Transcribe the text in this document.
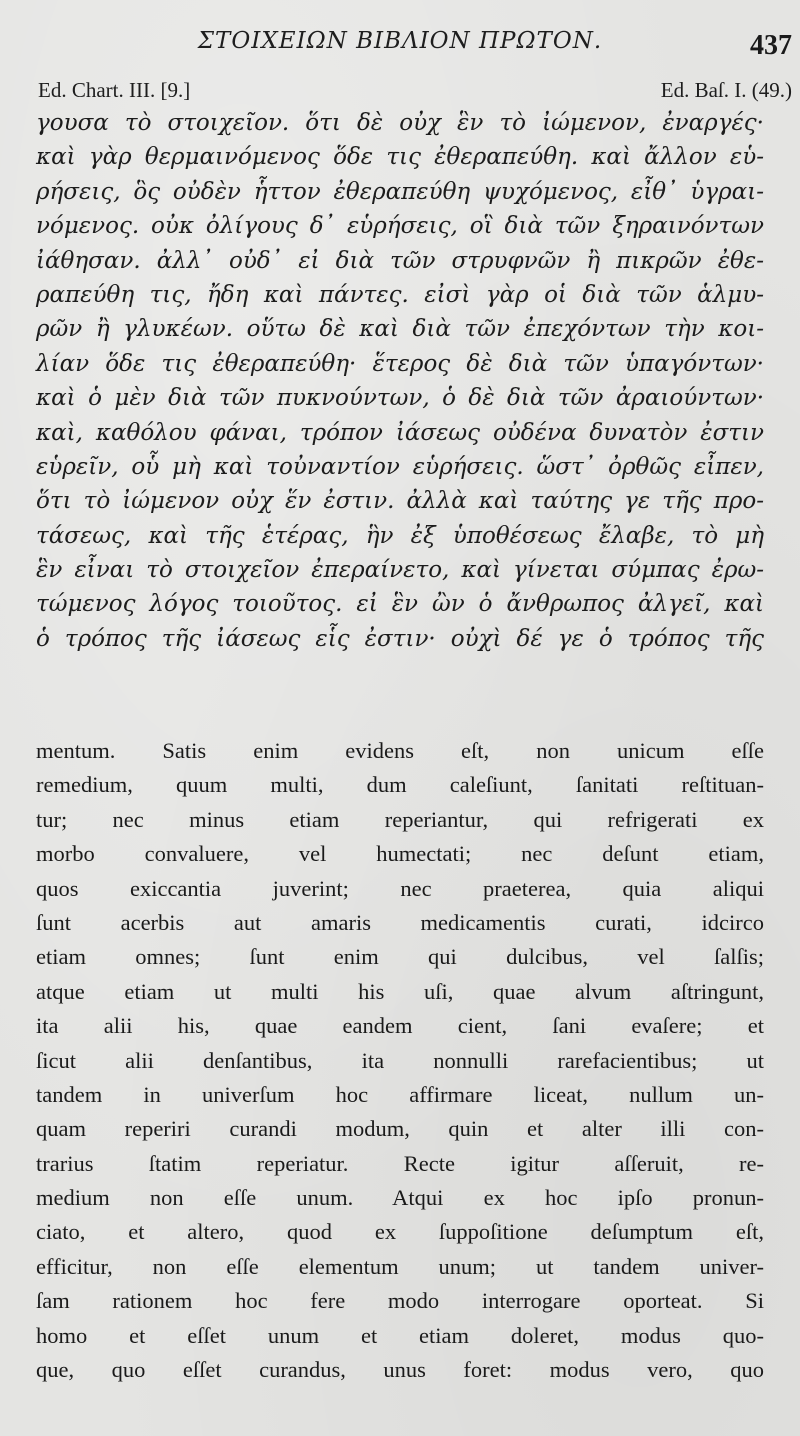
ΣΤΟΙΧΕΙΩΝ ΒΙΒΛΙΟΝ ΠΡΩΤΟΝ.	437
Ed. Chart. III. [9.]	Ed. Baſ. I. (49.)
γουσα τὸ στοιχεῖον. ὅτι δὲ οὐχ ἓν τὸ ἰώμενον, ἐναργές·
καὶ γὰρ θερμαινόμενος ὅδε τις ἐθεραπεύθη. καὶ ἄλλον εὑ-
ρήσεις, ὃς οὐδὲν ἧττον ἐθεραπεύθη ψυχόμενος, εἶθ᾽ ὑγραι-
νόμενος. οὐκ ὀλίγους δ᾽ εὑρήσεις, οἳ διὰ τῶν ξηραινόντων
ἰάθησαν. ἀλλ᾽ οὐδ᾽ εἰ διὰ τῶν στρυφνῶν ἢ πικρῶν ἐθε-
ραπεύθη τις, ἤδη καὶ πάντες. εἰσὶ γὰρ οἱ διὰ τῶν ἁλμυ-
ρῶν ἢ γλυκέων. οὕτω δὲ καὶ διὰ τῶν ἐπεχόντων τὴν κοι-
λίαν ὅδε τις ἐθεραπεύθη· ἕτερος δὲ διὰ τῶν ὑπαγόντων·
καὶ ὁ μὲν διὰ τῶν πυκνούντων, ὁ δὲ διὰ τῶν ἀραιούντων·
καὶ, καθόλου φάναι, τρόπον ἰάσεως οὐδένα δυνατὸν ἐστιν
εὑρεῖν, οὗ μὴ καὶ τοὐναντίον εὑρήσεις. ὥστ᾽ ὀρθῶς εἶπεν,
ὅτι τὸ ἰώμενον οὐχ ἕν ἐστιν. ἀλλὰ καὶ ταύτης γε τῆς προ-
τάσεως, καὶ τῆς ἑτέρας, ἣν ἐξ ὑποθέσεως ἔλαβε, τὸ μὴ
ἓν εἶναι τὸ στοιχεῖον ἐπεραίνετο, καὶ γίνεται σύμπας ἐρω-
τώμενος λόγος τοιοῦτος. εἰ ἓν ὢν ὁ ἄνθρωπος ἀλγεῖ, καὶ
ὁ τρόπος τῆς ἰάσεως εἷς ἐστιν· οὐχὶ δέ γε ὁ τρόπος τῆς
mentum. Satis enim evidens eſt, non unicum eſſe
remedium, quum multi, dum caleſiunt, ſanitati reſtituan-
tur; nec minus etiam reperiantur, qui refrigerati ex
morbo convaluere, vel humectati; nec deſunt etiam,
quos exiccantia juverint; nec praeterea, quia aliqui
ſunt acerbis aut amaris medicamentis curati, idcirco
etiam omnes; ſunt enim qui dulcibus, vel ſalſis;
atque etiam ut multi his uſi, quae alvum aſtringunt,
ita alii his, quae eandem cient, ſani evaſere; et
ſicut alii denſantibus, ita nonnulli rarefacientibus; ut
tandem in univerſum hoc affirmare liceat, nullum un-
quam reperiri curandi modum, quin et alter illi con-
trarius ſtatim reperiatur. Recte igitur aſſeruit, re-
medium non eſſe unum. Atqui ex hoc ipſo pronun-
ciato, et altero, quod ex ſuppoſitione deſumptum eſt,
efficitur, non eſſe elementum unum; ut tandem univer-
ſam rationem hoc fere modo interrogare oporteat. Si
homo et eſſet unum et etiam doleret, modus quo-
que, quo eſſet curandus, unus foret: modus vero, quo
